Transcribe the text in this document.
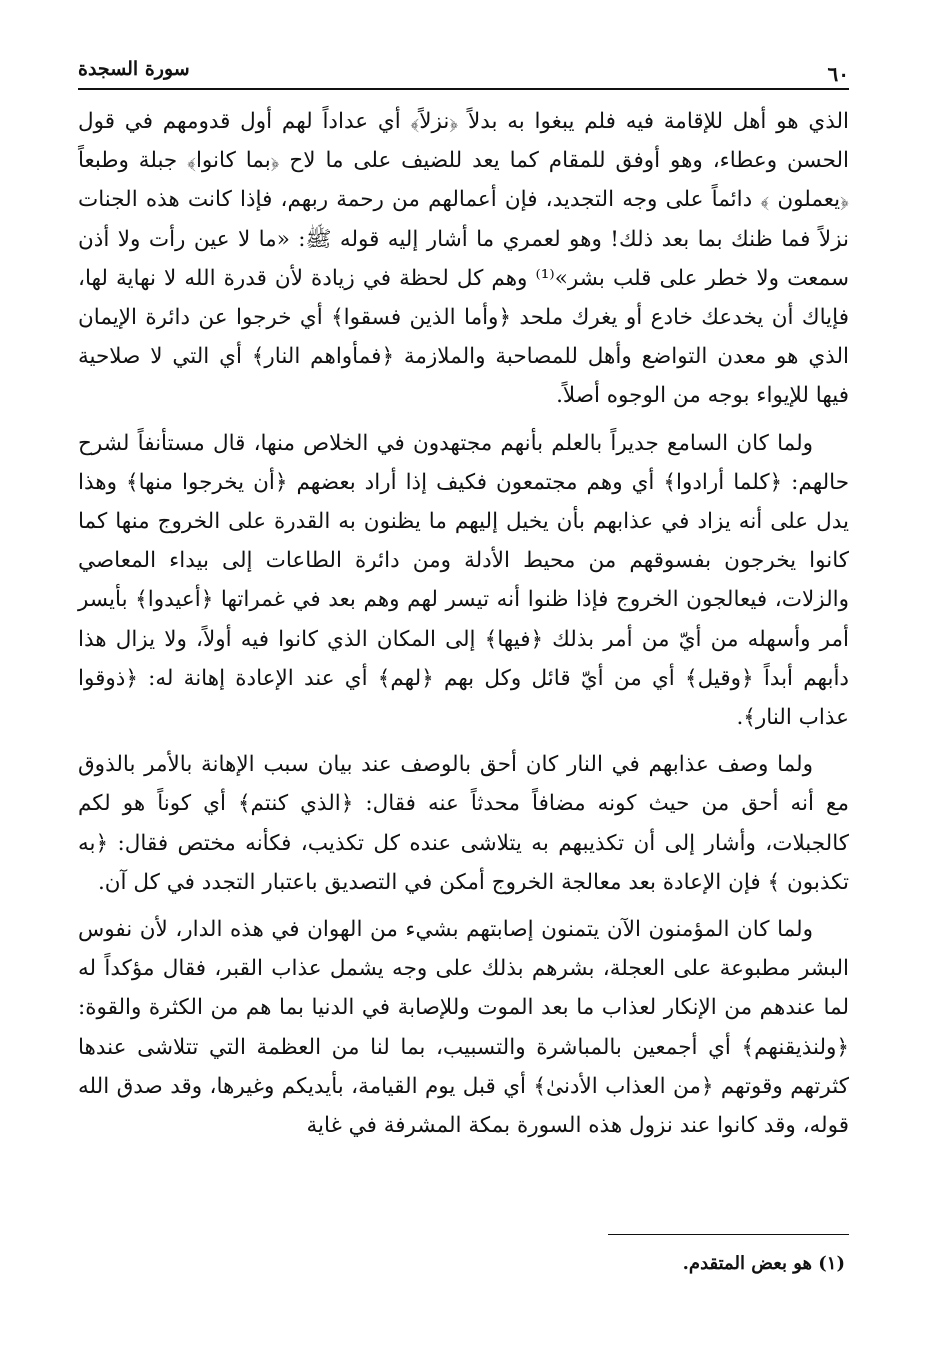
سورة السجدة	٦٠

الذي هو أهل للإقامة فيه فلم يبغوا به بدلاً ﴿نزلاً﴾ أي عداداً لهم أول قدومهم في قول الحسن وعطاء، وهو أوفق للمقام كما يعد للضيف على ما لاح ﴿بما كانوا﴾ جبلة وطبعاً ﴿يعملون ﴾ دائماً على وجه التجديد، فإن أعمالهم من رحمة ربهم، فإذا كانت هذه الجنات نزلاً فما ظنك بما بعد ذلك! وهو لعمري ما أشار إليه قوله ﷺ: «ما لا عين رأت ولا أذن سمعت ولا خطر على قلب بشر»⁽¹⁾ وهم كل لحظة في زيادة لأن قدرة الله لا نهاية لها، فإياك أن يخدعك خادع أو يغرك ملحد ﴿وأما الذين فسقوا﴾ أي خرجوا عن دائرة الإيمان الذي هو معدن التواضع وأهل للمصاحبة والملازمة ﴿فمأواهم النار﴾ أي التي لا صلاحية فيها للإيواء بوجه من الوجوه أصلاً.

ولما كان السامع جديراً بالعلم بأنهم مجتهدون في الخلاص منها، قال مستأنفاً لشرح حالهم: ﴿كلما أرادوا﴾ أي وهم مجتمعون فكيف إذا أراد بعضهم ﴿أن يخرجوا منها﴾ وهذا يدل على أنه يزاد في عذابهم بأن يخيل إليهم ما يظنون به القدرة على الخروج منها كما كانوا يخرجون بفسوقهم من محيط الأدلة ومن دائرة الطاعات إلى بيداء المعاصي والزلات، فيعالجون الخروج فإذا ظنوا أنه تيسر لهم وهم بعد في غمراتها ﴿أعيدوا﴾ بأيسر أمر وأسهله من أيّ من أمر بذلك ﴿فيها﴾ إلى المكان الذي كانوا فيه أولاً، ولا يزال هذا دأبهم أبداً ﴿وقيل﴾ أي من أيّ قائل وكل بهم ﴿لهم﴾ أي عند الإعادة إهانة له: ﴿ذوقوا عذاب النار﴾.

ولما وصف عذابهم في النار كان أحق بالوصف عند بيان سبب الإهانة بالأمر بالذوق مع أنه أحق من حيث كونه مضافاً محدثاً عنه فقال: ﴿الذي كنتم﴾ أي كوناً هو لكم كالجبلات، وأشار إلى أن تكذيبهم به يتلاشى عنده كل تكذيب، فكأنه مختص فقال: ﴿به تكذبون ﴾ فإن الإعادة بعد معالجة الخروج أمكن في التصديق باعتبار التجدد في كل آن.

ولما كان المؤمنون الآن يتمنون إصابتهم بشيء من الهوان في هذه الدار، لأن نفوس البشر مطبوعة على العجلة، بشرهم بذلك على وجه يشمل عذاب القبر، فقال مؤكداً له لما عندهم من الإنكار لعذاب ما بعد الموت وللإصابة في الدنيا بما هم من الكثرة والقوة: ﴿ولنذيقنهم﴾ أي أجمعين بالمباشرة والتسبيب، بما لنا من العظمة التي تتلاشى عندها كثرتهم وقوتهم ﴿من العذاب الأدنىٰ﴾ أي قبل يوم القيامة، بأيديكم وغيرها، وقد صدق الله قوله، وقد كانوا عند نزول هذه السورة بمكة المشرفة في غاية

(١) هو بعض المتقدم.
